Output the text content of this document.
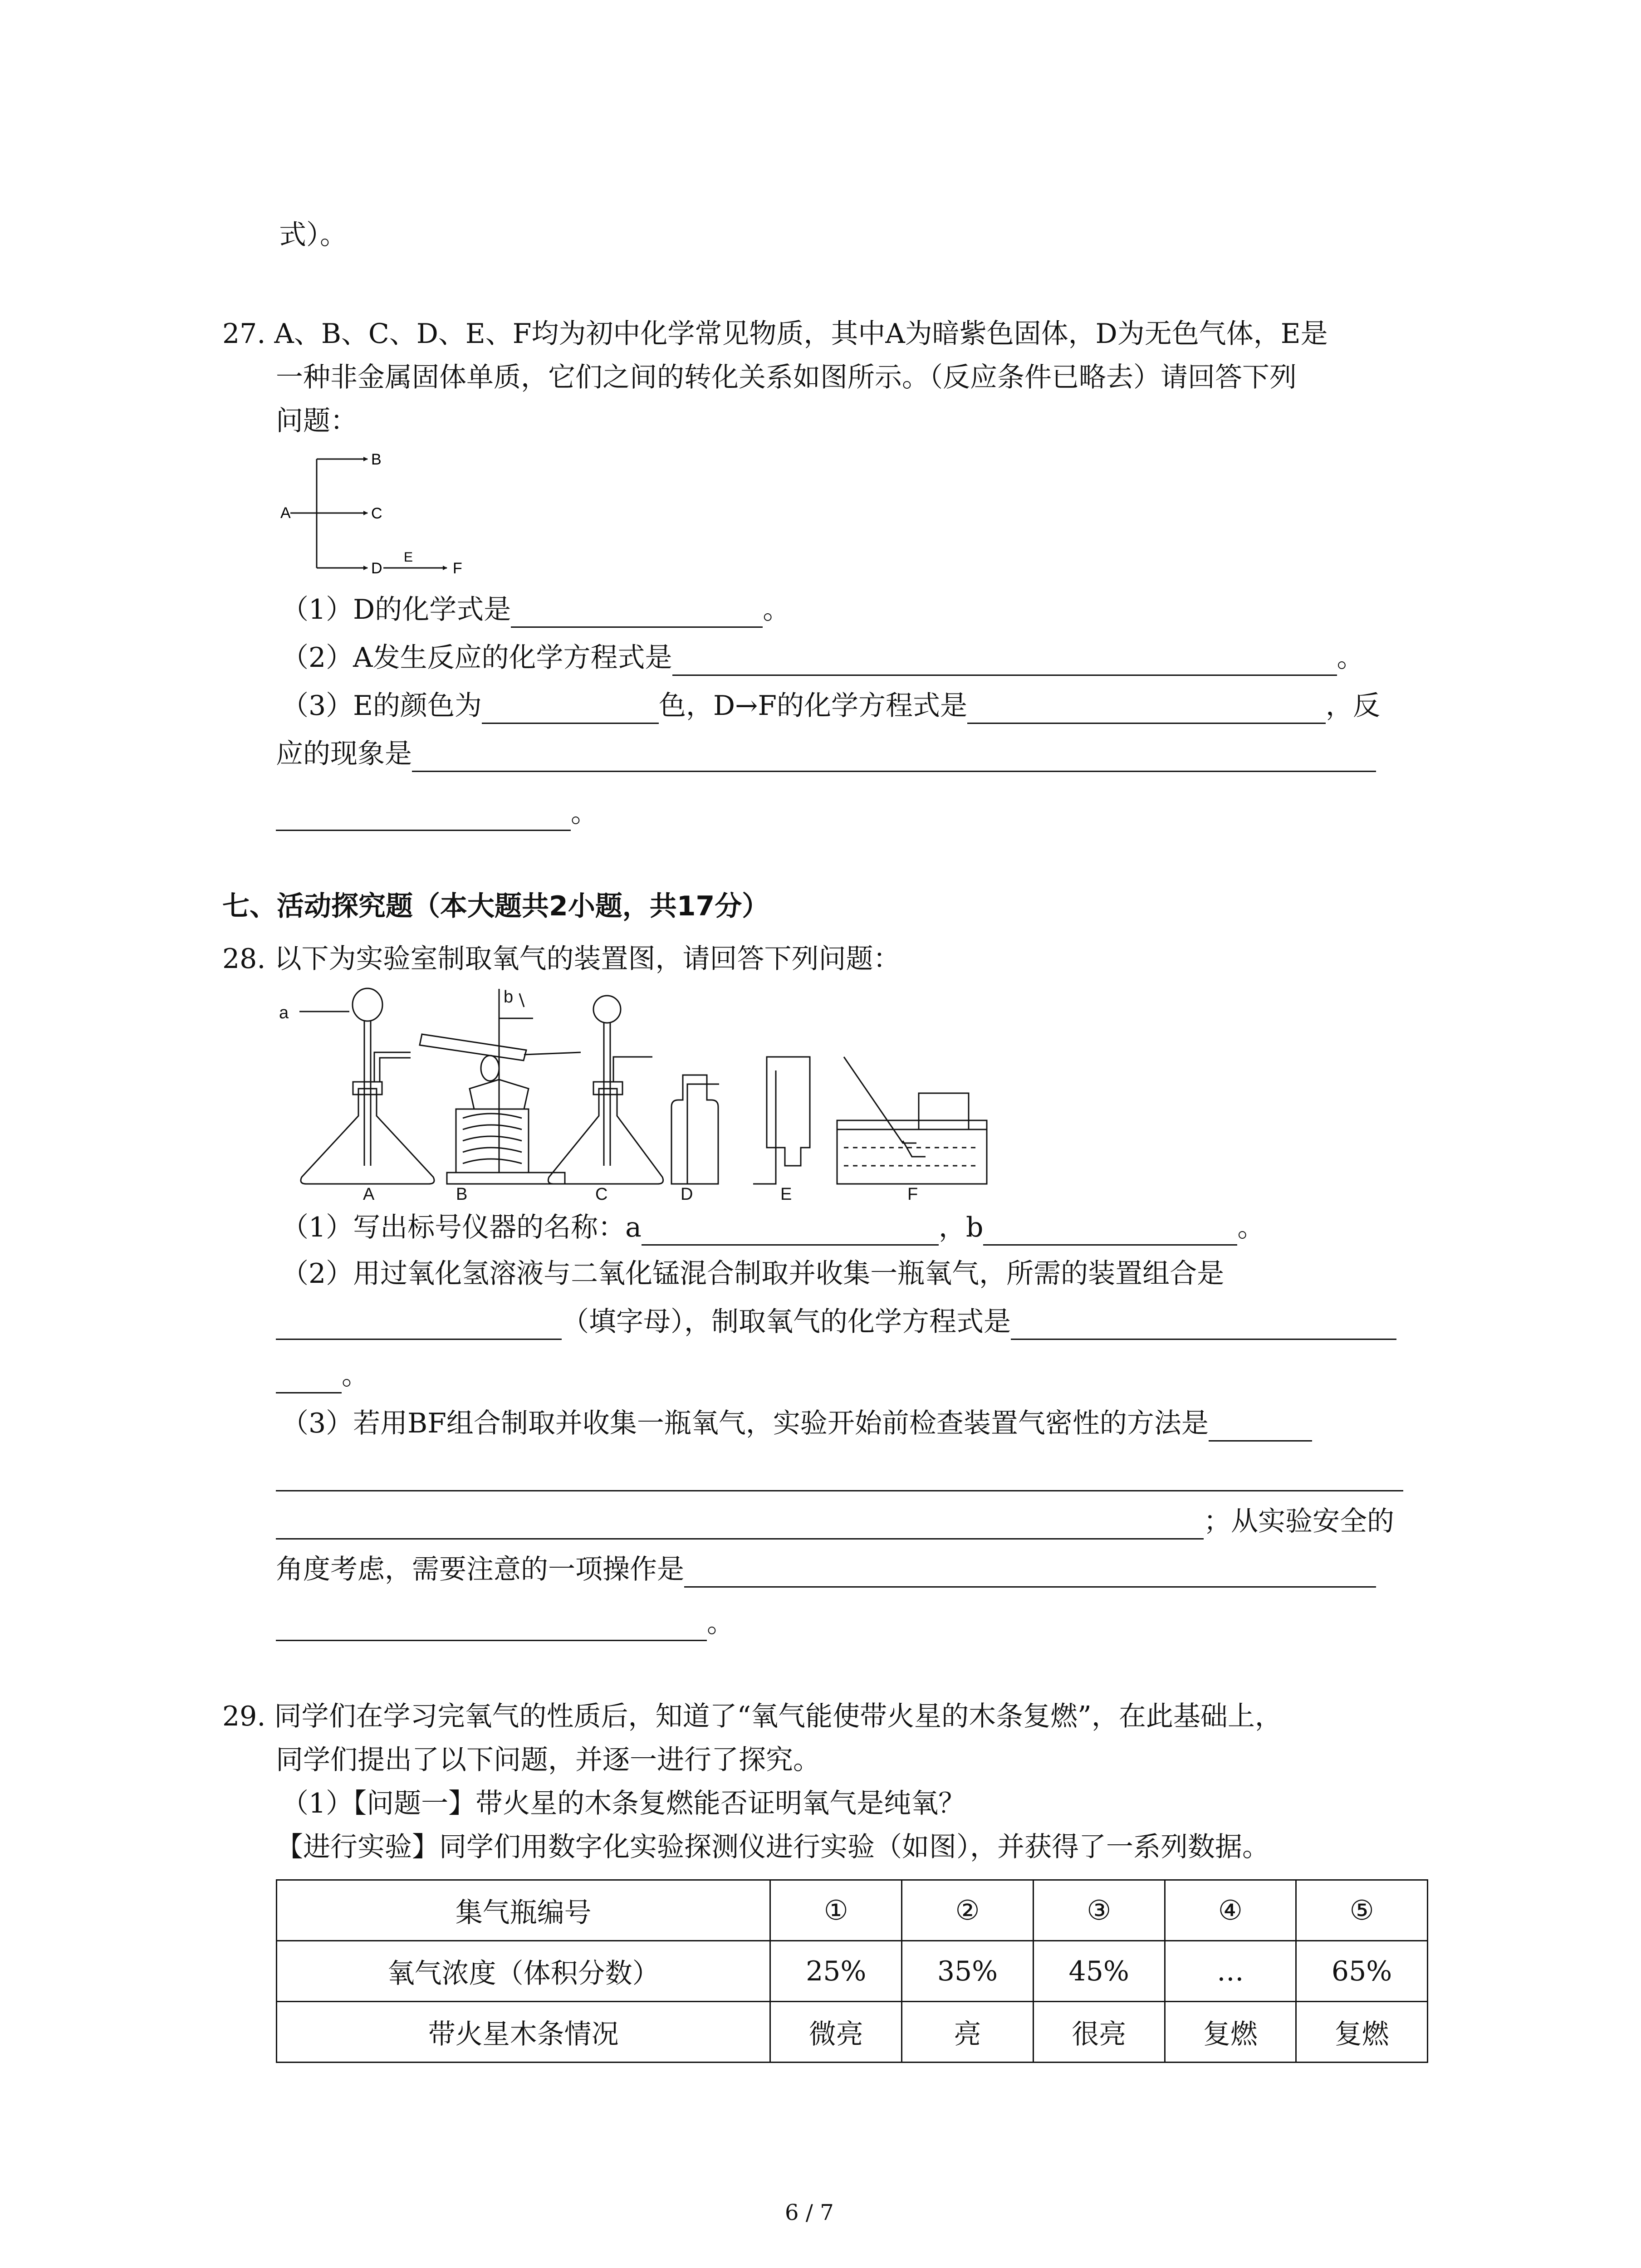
式）。
27. A、B、C、D、E、F均为初中化学常见物质，其中A为暗紫色固体，D为无色气体，E是
一种非金属固体单质，它们之间的转化关系如图所示。（反应条件已略去）请回答下列
问题：
A
B
C
D
E
F
（1）D的化学式是	。
（2）A发生反应的化学方程式是	。
（3）E的颜色为	色，D→F的化学方程式是	，反
应的现象是
。
七、活动探究题（本大题共2小题，共17分）
28. 以下为实验室制取氧气的装置图，请回答下列问题：
a
b
A	B	C	D	E	F
（1）写出标号仪器的名称：a	，b	。
（2）用过氧化氢溶液与二氧化锰混合制取并收集一瓶氧气，所需的装置组合是
（填字母），制取氧气的化学方程式是
。
（3）若用BF组合制取并收集一瓶氧气，实验开始前检查装置气密性的方法是
；从实验安全的
角度考虑，需要注意的一项操作是
。
29. 同学们在学习完氧气的性质后，知道了“氧气能使带火星的木条复燃”，在此基础上，
同学们提出了以下问题，并逐一进行了探究。
（1）【问题一】带火星的木条复燃能否证明氧气是纯氧？
【进行实验】同学们用数字化实验探测仪进行实验（如图），并获得了一系列数据。
集气瓶编号	①	②	③	④	⑤
氧气浓度（体积分数）	25%	35%	45%	…	65%
带火星木条情况	微亮	亮	很亮	复燃	复燃
6 / 7
